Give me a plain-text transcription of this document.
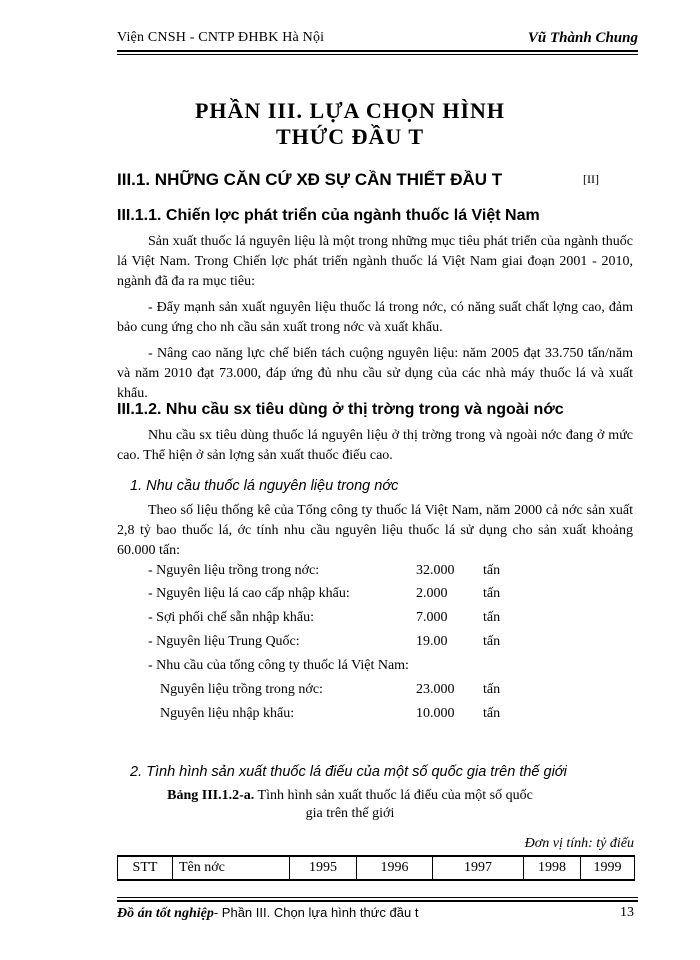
Viện CNSH - CNTP ĐHBK Hà Nội	Vũ Thành Chung
PHẦN III. LỰA CHỌN HÌNH
THỨC ĐẦU T
III.1. NHỮNG CĂN CỨ XĐ SỰ CẦN THIẾT ĐẦU T	[II]
III.1.1. Chiến lợc phát triển của ngành thuốc lá Việt Nam

Sản xuất thuốc lá nguyên liệu là một trong những mục tiêu phát triển của ngành thuốc lá Việt Nam. Trong Chiến lợc phát triển ngành thuốc lá Việt Nam giai đoạn 2001 - 2010, ngành đã đa ra mục tiêu:

- Đẩy mạnh sản xuất nguyên liệu thuốc lá trong nớc, có năng suất chất lợng cao, đảm bảo cung ứng cho nh cầu sản xuất trong nớc và xuất khẩu.

- Nâng cao năng lực chế biến tách cuộng nguyên liệu: năm 2005 đạt 33.750 tấn/năm và năm 2010 đạt 73.000, đáp ứng đủ nhu cầu sử dụng của các nhà máy thuốc lá và xuất khẩu.

III.1.2. Nhu cầu sx tiêu dùng ở thị trờng trong và ngoài nớc

Nhu cầu sx tiêu dùng thuốc lá nguyên liệu ở thị trờng trong và ngoài nớc đang ở mức cao. Thể hiện ở sản lợng sản xuất thuốc điếu cao.

1. Nhu cầu thuốc lá nguyên liệu trong nớc

Theo số liệu thống kê của Tổng công ty thuốc lá Việt Nam, năm 2000 cả nớc sản xuất 2,8 tỷ bao thuốc lá, ớc tính nhu cầu nguyên liệu thuốc lá sử dụng cho sản xuất khoảng 60.000 tấn:

- Nguyên liệu trồng trong nớc:	32.000 tấn
- Nguyên liệu lá cao cấp nhập khẩu:	2.000	tấn
- Sợi phối chế sẵn nhập khẩu:	7.000	tấn
- Nguyên liệu Trung Quốc:	19.00	tấn
- Nhu cầu của tổng công ty thuốc lá Việt Nam:
Nguyên liệu trồng trong nớc:	23.000 tấn
Nguyên liệu nhập khẩu:	10.000 tấn
2. Tình hình sản xuất thuốc lá điếu của một số quốc gia trên thế giới
Bảng III.1.2-a. Tình hình sản xuất thuốc lá điếu của một số quốc
gia trên thế giới
Đơn vị tính: tỷ điếu
STT	Tên nớc	1995	1996	1997	1998	1999
Đồ án tốt nghiệp- Phần III. Chọn lựa hình thức đầu t	13
